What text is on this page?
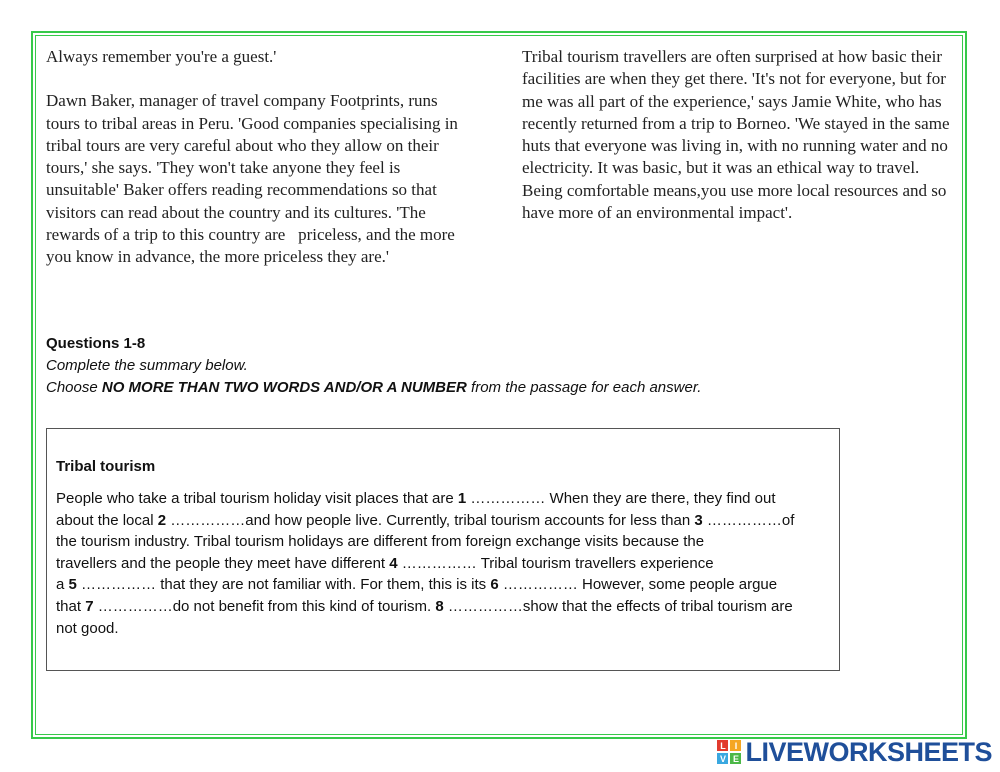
Always remember you're a guest.'

Dawn Baker, manager of travel company Footprints, runs tours to tribal areas in Peru. 'Good companies specialising in tribal tours are very careful about who they allow on their tours,' she says. 'They won't take anyone they feel is unsuitable' Baker offers reading recommendations so that visitors can read about the country and its cultures. 'The rewards of a trip to this country are   priceless, and the more you know in advance, the more priceless they are.'

Tribal tourism travellers are often surprised at how basic their facilities are when they get there. 'It's not for everyone, but for me was all part of the experience,' says Jamie White, who has recently returned from a trip to Borneo. 'We stayed in the same huts that everyone was living in, with no running water and no electricity. It was basic, but it was an ethical way to travel. Being comfortable means,you use more local resources and so have more of an environmental impact'.

Questions 1-8
Complete the summary below.
Choose NO MORE THAN TWO WORDS AND/OR A NUMBER from the passage for each answer.
Tribal tourism
People who take a tribal tourism holiday visit places that are 1 …………… When they are there, they find out
about the local 2 ……………and how people live. Currently, tribal tourism accounts for less than 3 ……………of
the tourism industry. Tribal tourism holidays are different from foreign exchange visits because the
travellers and the people they meet have different 4 …………… Tribal tourism travellers experience
a 5 …………… that they are not familiar with. For them, this is its 6 …………… However, some people argue
that 7 ……………do not benefit from this kind of tourism. 8 ……………show that the effects of tribal tourism are
not good.
L I
V E LIVEWORKSHEETS
